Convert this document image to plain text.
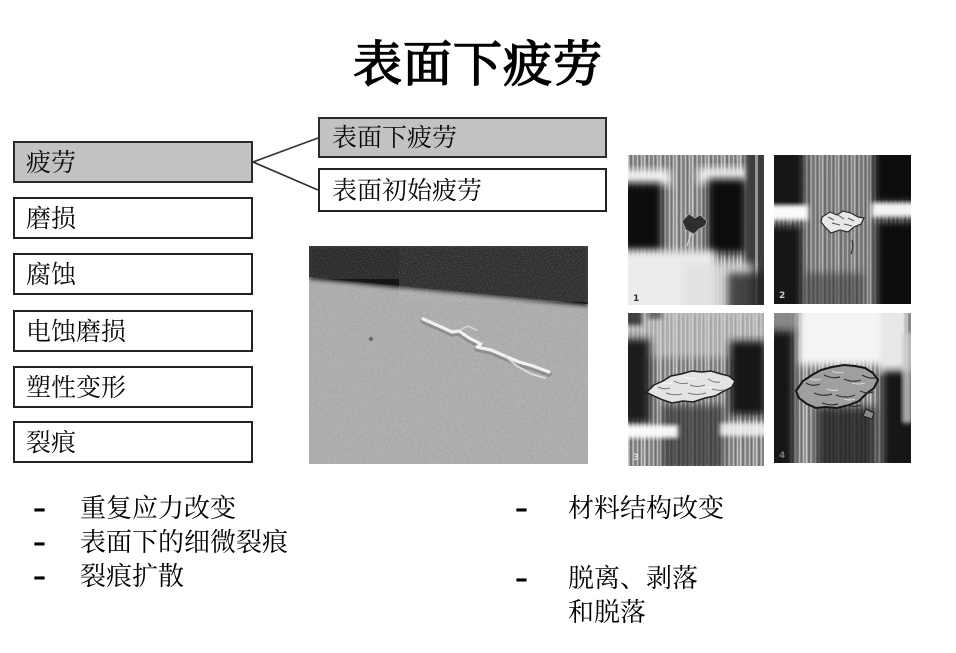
表面下疲劳
疲劳
磨损
腐蚀
电蚀磨损
塑性变形
裂痕
表面下疲劳
表面初始疲劳
1	2
3	4
–	重复应力改变
–	表面下的细微裂痕
–	裂痕扩散
–	材料结构改变
–	脱离、剥落
和脱落
